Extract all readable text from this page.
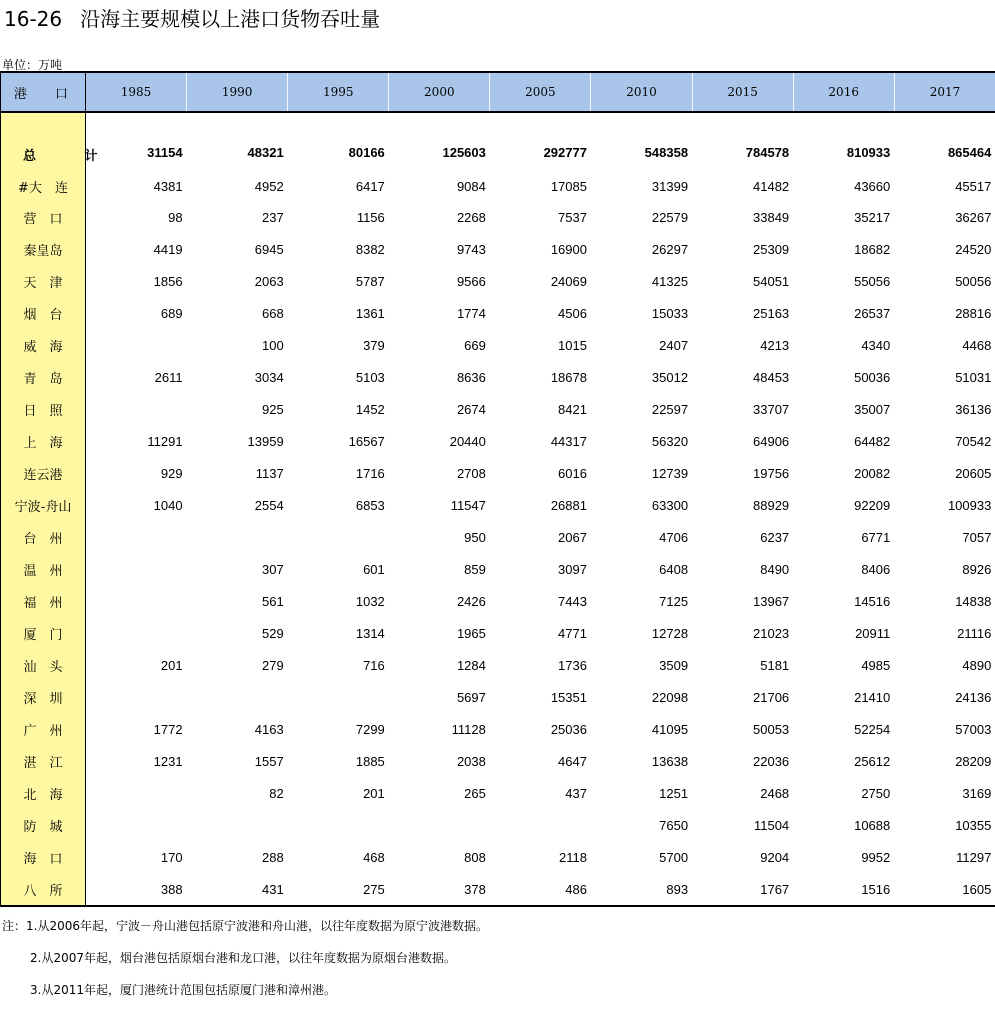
16-26 沿海主要规模以上港口货物吞吐量
单位：万吨
港 口	1985	1990	1995	2000	2005	2010	2015	2016	2017

总 计	31154	48321	80166	125603	292777	548358	784578	810933	865464
#大　连	4381	4952	6417	9084	17085	31399	41482	43660	45517
营　口	98	237	1156	2268	7537	22579	33849	35217	36267
秦皇岛	4419	6945	8382	9743	16900	26297	25309	18682	24520
天　津	1856	2063	5787	9566	24069	41325	54051	55056	50056
烟　台	689	668	1361	1774	4506	15033	25163	26537	28816
威　海		100	379	669	1015	2407	4213	4340	4468
青　岛	2611	3034	5103	8636	18678	35012	48453	50036	51031
日　照		925	1452	2674	8421	22597	33707	35007	36136
上　海	11291	13959	16567	20440	44317	56320	64906	64482	70542
连云港	929	1137	1716	2708	6016	12739	19756	20082	20605
宁波-舟山	1040	2554	6853	11547	26881	63300	88929	92209	100933
台　州				950	2067	4706	6237	6771	7057
温　州		307	601	859	3097	6408	8490	8406	8926
福　州		561	1032	2426	7443	7125	13967	14516	14838
厦　门		529	1314	1965	4771	12728	21023	20911	21116
汕　头	201	279	716	1284	1736	3509	5181	4985	4890
深　圳				5697	15351	22098	21706	21410	24136
广　州	1772	4163	7299	11128	25036	41095	50053	52254	57003
湛　江	1231	1557	1885	2038	4647	13638	22036	25612	28209
北　海		82	201	265	437	1251	2468	2750	3169
防　城						7650	11504	10688	10355
海　口	170	288	468	808	2118	5700	9204	9952	11297
八　所	388	431	275	378	486	893	1767	1516	1605
注：1.从2006年起，宁波－舟山港包括原宁波港和舟山港，以往年度数据为原宁波港数据。
2.从2007年起，烟台港包括原烟台港和龙口港，以往年度数据为原烟台港数据。
3.从2011年起，厦门港统计范围包括原厦门港和漳州港。
